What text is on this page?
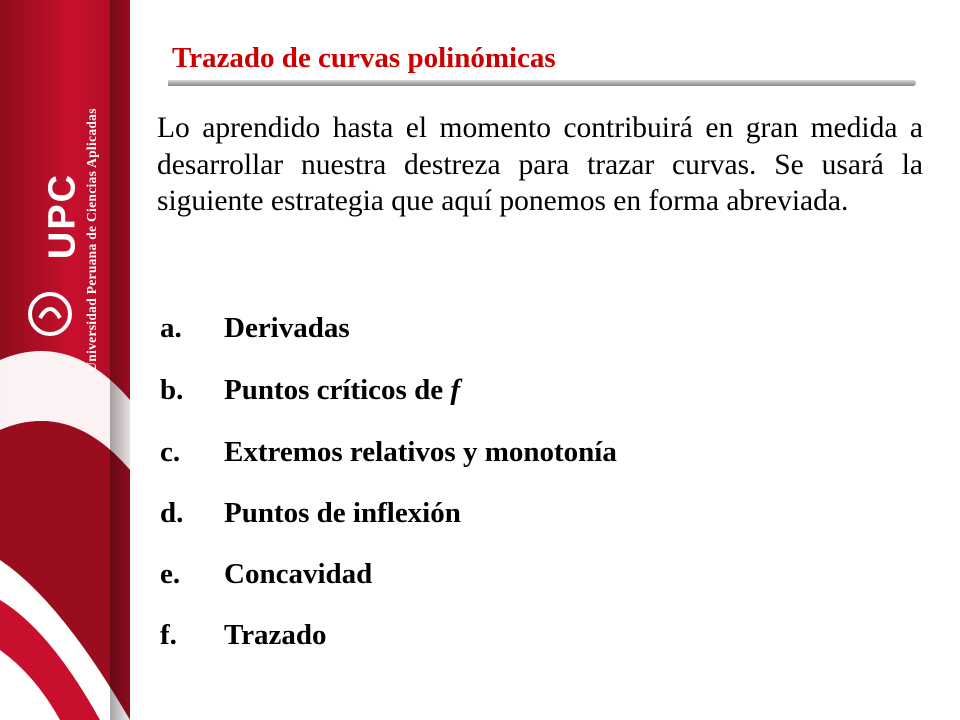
UPC Universidad Peruana de Ciencias Aplicadas
Trazado de curvas polinómicas
Lo aprendido hasta el momento contribuirá en gran medida a desarrollar nuestra destreza para trazar curvas. Se usará la siguiente estrategia que aquí ponemos en forma abreviada.
a. Derivadas
b. Puntos críticos de f
c. Extremos relativos y monotonía
d. Puntos de inflexión
e. Concavidad
f. Trazado
